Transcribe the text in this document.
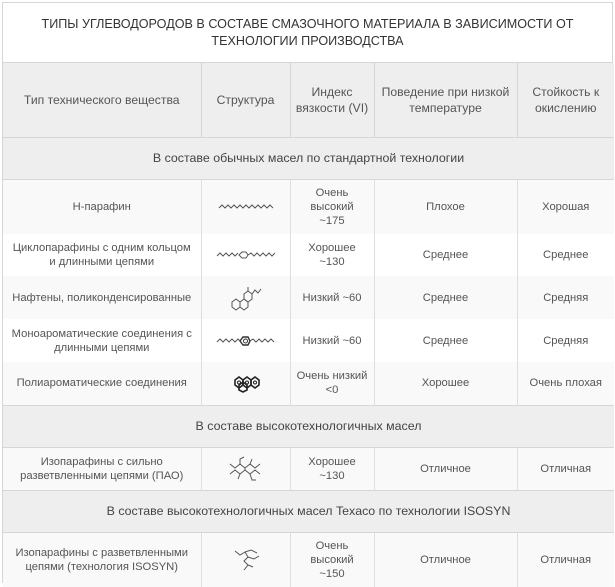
ТИПЫ УГЛЕВОДОРОДОВ В СОСТАВЕ СМАЗОЧНОГО МАТЕРИАЛА В ЗАВИСИМОСТИ ОТ ТЕХНОЛОГИИ ПРОИЗВОДСТВА
Тип технического вещества	Структура	Индекс вязкости (VI)	Поведение при низкой температуре	Стойкость к окислению
В составе обычных масел по стандартной технологии				
Н-парафин		Очень высокий ~175	Плохое	Хорошая
Циклопарафины с одним кольцом и длинными цепями		Хорошее ~130	Среднее	Среднее
Нафтены, поликонденсированные		Низкий ~60	Среднее	Средняя
Моноароматические соединения с длинными цепями		Низкий ~60	Среднее	Средняя
Полиароматические соединения		Очень низкий <0	Хорошее	Очень плохая
В составе высокотехнологичных масел				
Изопарафины с сильно разветвленными цепями (ПАО)		Хорошее ~130	Отличное	Отличная
В составе высокотехнологичных масел Texaco по технологии ISOSYN				
Изопарафины с разветвленными цепями (технология ISOSYN)		Очень высокий ~150	Отличное	Отличная
